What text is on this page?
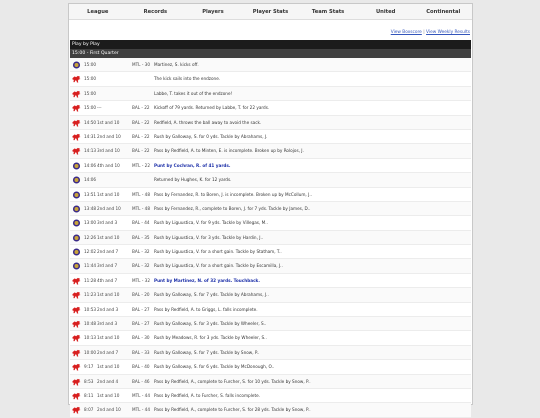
League	Records	Players	Player Stats	Team Stats	United	Continental
View Boxscore | View Weekly Results
Play by Play
15:00 - First Quarter
15:00	MTL - 30 Martinez, S. kicks off.
15:00	The kick sails into the endzone.
15:00	Labbe, T. takes it out of the endzone!
15:00 ---	BAL - 22 Kickoff of 79 yards. Returned by Labbe, T. for 22 yards.
14:50 1st and 10	BAL - 22 Redfield, A. throws the ball away to avoid the sack.
14:31 2nd and 10	BAL - 22 Rush by Galloway, S. for 0 yds. Tackle by Abrahams, J.
14:13 3rd and 10	BAL - 22 Pass by Redfield, A. to Minten, E. is incomplete. Broken up by Rolojos, J.
14:06 4th and 10	MTL - 22 Punt by Cochran, R. of 41 yards.
14:06	Returned by Hughes, K. for 12 yards.
13:51 1st and 10	MTL - 48 Pass by Fernandez, R. to Boren, J. is incomplete. Broken up by McCollum, J..
13:48 2nd and 10	MTL - 48 Pass by Fernandez, R., complete to Boren, J. for 7 yds. Tackle by James, D..
13:00 3rd and 3	BAL - 44 Rush by Liguustica, V. for 9 yds. Tackle by Villegas, M..
12:26 1st and 10	BAL - 35 Rush by Liguustica, V. for 3 yds. Tackle by Hardin, J..
12:02 2nd and 7	BAL - 32 Rush by Liguustica, V. for a short gain. Tackle by Statham, T..
11:44 3rd and 7	BAL - 32 Rush by Liguustica, V. for a short gain. Tackle by Escamilla, J..
11:28 4th and 7	MTL - 32 Punt by Martinez, N. of 32 yards. Touchback.
11:23 1st and 10	BAL - 20 Rush by Galloway, S. for 7 yds. Tackle by Abrahams, J..
10:53 2nd and 3	BAL - 27 Pass by Redfield, A. to Griggs, L. falls incomplete.
10:48 3rd and 3	BAL - 27 Rush by Galloway, S. for 3 yds. Tackle by Wheeler, S..
10:13 1st and 10	BAL - 30 Rush by Meadows, R. for 3 yds. Tackle by Wheeler, S..
10:00 2nd and 7	BAL - 33 Rush by Galloway, S. for 7 yds. Tackle by Snow, P..
9:17 1st and 10	BAL - 40 Rush by Galloway, S. for 6 yds. Tackle by McDonough, O..
8:53 2nd and 4	BAL - 46 Pass by Redfield, A., complete to Furcher, S. for 10 yds. Tackle by Snow, P..
8:11 1st and 10	MTL - 44 Pass by Redfield, A. to Furcher, S. falls incomplete.
8:07 2nd and 10	MTL - 44 Pass by Redfield, A., complete to Furcher, S. for 28 yds. Tackle by Snow, P..
